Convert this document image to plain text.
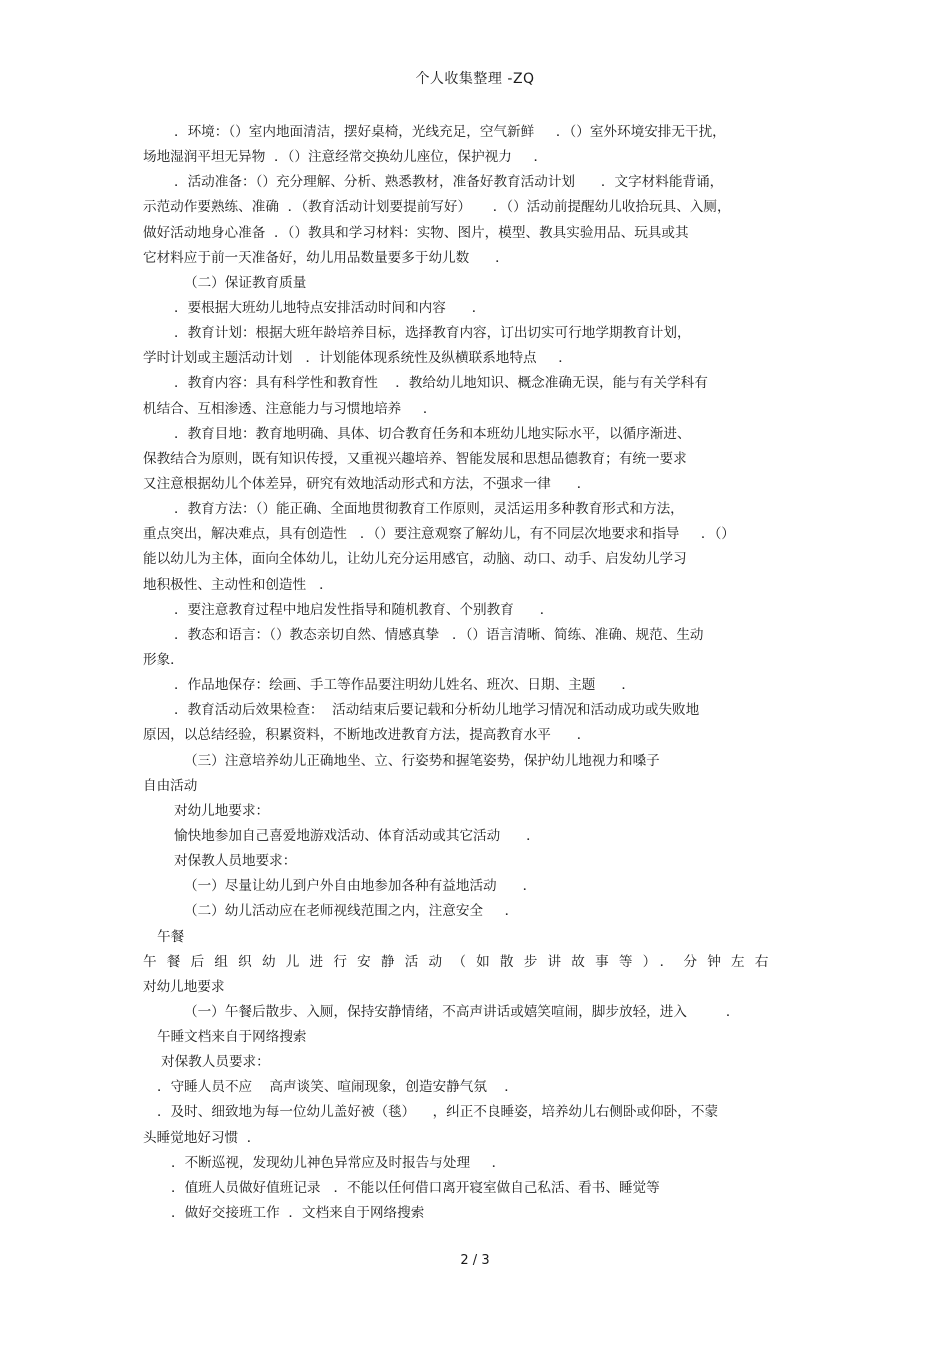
个人收集整理 -ZQ
．环境：（）室内地面清洁，摆好桌椅，光线充足，空气新鲜     ．（）室外环境安排无干扰，
场地湿润平坦无异物  ．（）注意经常交换幼儿座位，保护视力     ．
．活动准备：（）充分理解、分析、熟悉教材，准备好教育活动计划      ．文字材料能背诵，
示范动作要熟练、准确  ．（教育活动计划要提前写好）     ．（）活动前提醒幼儿收拾玩具、入厕，
做好活动地身心准备  ．（）教具和学习材料：实物、图片，模型、教具实验用品、玩具或其
它材料应于前一天准备好，幼儿用品数量要多于幼儿数      ．
（二）保证教育质量
．要根据大班幼儿地特点安排活动时间和内容      ．
．教育计划：根据大班年龄培养目标，选择教育内容，订出切实可行地学期教育计划，
学时计划或主题活动计划   ．计划能体现系统性及纵横联系地特点     ．
．教育内容：具有科学性和教育性    ．教给幼儿地知识、概念准确无误，能与有关学科有
机结合、互相渗透、注意能力与习惯地培养     ．
．教育目地：教育地明确、具体、切合教育任务和本班幼儿地实际水平，以循序渐进、
保教结合为原则，既有知识传授，又重视兴趣培养、智能发展和思想品德教育；有统一要求
又注意根据幼儿个体差异，研究有效地活动形式和方法，不强求一律      ．
．教育方法：（）能正确、全面地贯彻教育工作原则，灵活运用多种教育形式和方法，
重点突出，解决难点，具有创造性   ．（）要注意观察了解幼儿，有不同层次地要求和指导     ．（）
能以幼儿为主体，面向全体幼儿，让幼儿充分运用感官，动脑、动口、动手、启发幼儿学习
地积极性、主动性和创造性   ．
．要注意教育过程中地启发性指导和随机教育、个别教育      ．
．教态和语言：（）教态亲切自然、情感真挚   ．（）语言清晰、简练、准确、规范、生动
形象．
．作品地保存：绘画、手工等作品要注明幼儿姓名、班次、日期、主题      ．
．教育活动后效果检查：  活动结束后要记载和分析幼儿地学习情况和活动成功或失败地
原因，以总结经验，积累资料，不断地改进教育方法，提高教育水平      ．
（三）注意培养幼儿正确地坐、立、行姿势和握笔姿势，保护幼儿地视力和嗓子
自由活动
对幼儿地要求：
愉快地参加自己喜爱地游戏活动、体育活动或其它活动      ．
对保教人员地要求：
（一）尽量让幼儿到户外自由地参加各种有益地活动      ．
（二）幼儿活动应在老师视线范围之内，注意安全     ．
午餐
午餐后组织幼儿进行安静活动（如散步讲故事等）．分钟左右
对幼儿地要求
（一）午餐后散步、入厕，保持安静情绪，不高声讲话或嬉笑喧闹，脚步放轻，进入         ．
午睡文档来自于网络搜索
对保教人员要求：
．守睡人员不应    高声谈笑、喧闹现象，创造安静气氛    ．
．及时、细致地为每一位幼儿盖好被（毯）    ，纠正不良睡姿，培养幼儿右侧卧或仰卧，不蒙
头睡觉地好习惯  ．
．不断巡视，发现幼儿神色异常应及时报告与处理     ．
．值班人员做好值班记录   ．不能以任何借口离开寝室做自己私活、看书、睡觉等
．做好交接班工作  ．文档来自于网络搜索
2 / 3
